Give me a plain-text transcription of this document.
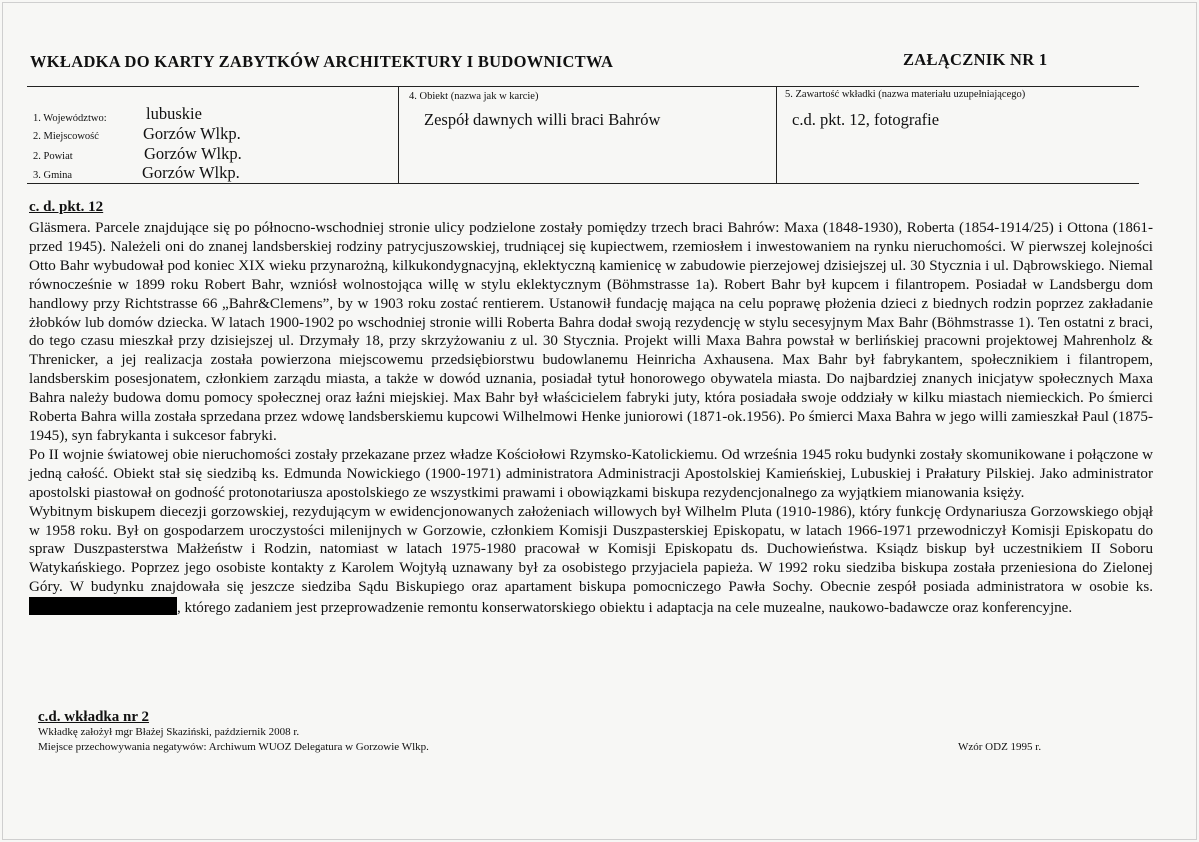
WKŁADKA DO KARTY ZABYTKÓW ARCHITEKTURY I BUDOWNICTWA	ZAŁĄCZNIK NR 1
1. Województwo: lubuskie
2. Miejscowość	Gorzów Wlkp.
2. Powiat	Gorzów Wlkp.
3. Gmina	Gorzów Wlkp.
4. Obiekt (nazwa jak w karcie)
Zespół dawnych willi braci Bahrów
5. Zawartość wkładki (nazwa materiału uzupełniającego)
c.d. pkt. 12, fotografie
c. d. pkt. 12

Gläsmera. Parcele znajdujące się po północno-wschodniej stronie ulicy podzielone zostały pomiędzy trzech braci Bahrów: Maxa (1848-1930), Roberta (1854-1914/25) i Ottona (1861- przed 1945). Należeli oni do znanej landsberskiej rodziny patrycjuszowskiej, trudniącej się kupiectwem, rzemiosłem i inwestowaniem na rynku nieruchomości. W pierwszej kolejności Otto Bahr wybudował pod koniec XIX wieku przynarożną, kilkukondygnacyjną, eklektyczną kamienicę w zabudowie pierzejowej dzisiejszej ul. 30 Stycznia i ul. Dąbrowskiego. Niemal równocześnie w 1899 roku Robert Bahr, wzniósł wolnostojąca willę w stylu eklektycznym (Böhmstrasse 1a). Robert Bahr był kupcem i filantropem. Posiadał w Landsbergu dom handlowy przy Richtstrasse 66 „Bahr&Clemens”, by w 1903 roku zostać rentierem. Ustanowił fundację mająca na celu poprawę płożenia dzieci z biednych rodzin poprzez zakładanie żłobków lub domów dziecka. W latach 1900-1902 po wschodniej stronie willi Roberta Bahra dodał swoją rezydencję w stylu secesyjnym Max Bahr (Böhmstrasse 1). Ten ostatni z braci, do tego czasu mieszkał przy dzisiejszej ul. Drzymały 18, przy skrzyżowaniu z ul. 30 Stycznia. Projekt willi Maxa Bahra powstał w berlińskiej pracowni projektowej Mahrenholz & Threnicker, a jej realizacja została powierzona miejscowemu przedsiębiorstwu budowlanemu Heinricha Axhausena. Max Bahr był fabrykantem, społecznikiem i filantropem, landsberskim posesjonatem, członkiem zarządu miasta, a także w dowód uznania, posiadał tytuł honorowego obywatela miasta. Do najbardziej znanych inicjatyw społecznych Maxa Bahra należy budowa domu pomocy społecznej oraz łaźni miejskiej. Max Bahr był właścicielem fabryki juty, która posiadała swoje oddziały w kilku miastach niemieckich. Po śmierci Roberta Bahra willa została sprzedana przez wdowę landsberskiemu kupcowi Wilhelmowi Henke juniorowi (1871-ok.1956). Po śmierci Maxa Bahra w jego willi zamieszkał Paul (1875-1945), syn fabrykanta i sukcesor fabryki.

Po II wojnie światowej obie nieruchomości zostały przekazane przez władze Kościołowi Rzymsko-Katolickiemu. Od września 1945 roku budynki zostały skomunikowane i połączone w jedną całość. Obiekt stał się siedzibą ks. Edmunda Nowickiego (1900-1971) administratora Administracji Apostolskiej Kamieńskiej, Lubuskiej i Prałatury Pilskiej. Jako administrator apostolski piastował on godność protonotariusza apostolskiego ze wszystkimi prawami i obowiązkami biskupa rezydencjonalnego za wyjątkiem mianowania księży.

Wybitnym biskupem diecezji gorzowskiej, rezydującym w ewidencjonowanych założeniach willowych był Wilhelm Pluta (1910-1986), który funkcję Ordynariusza Gorzowskiego objął w 1958 roku. Był on gospodarzem uroczystości milenijnych w Gorzowie, członkiem Komisji Duszpasterskiej Episkopatu, w latach 1966-1971 przewodniczył Komisji Episkopatu do spraw Duszpasterstwa Małżeństw i Rodzin, natomiast w latach 1975-1980 pracował w Komisji Episkopatu ds. Duchowieństwa. Ksiądz biskup był uczestnikiem II Soboru Watykańskiego. Poprzez jego osobiste kontakty z Karolem Wojtyłą uznawany był za osobistego przyjaciela papieża. W 1992 roku siedziba biskupa została przeniesiona do Zielonej Góry. W budynku znajdowała się jeszcze siedziba Sądu Biskupiego oraz apartament biskupa pomocniczego Pawła Sochy. Obecnie zespół posiada administratora w osobie ks. , którego zadaniem jest przeprowadzenie remontu konserwatorskiego obiektu i adaptacja na cele muzealne, naukowo-badawcze oraz konferencyjne.

c.d. wkładka nr 2
Wkładkę założył mgr Błażej Skaziński, październik 2008 r.
Miejsce przechowywania negatywów: Archiwum WUOZ Delegatura w Gorzowie Wlkp.	Wzór ODZ 1995 r.
